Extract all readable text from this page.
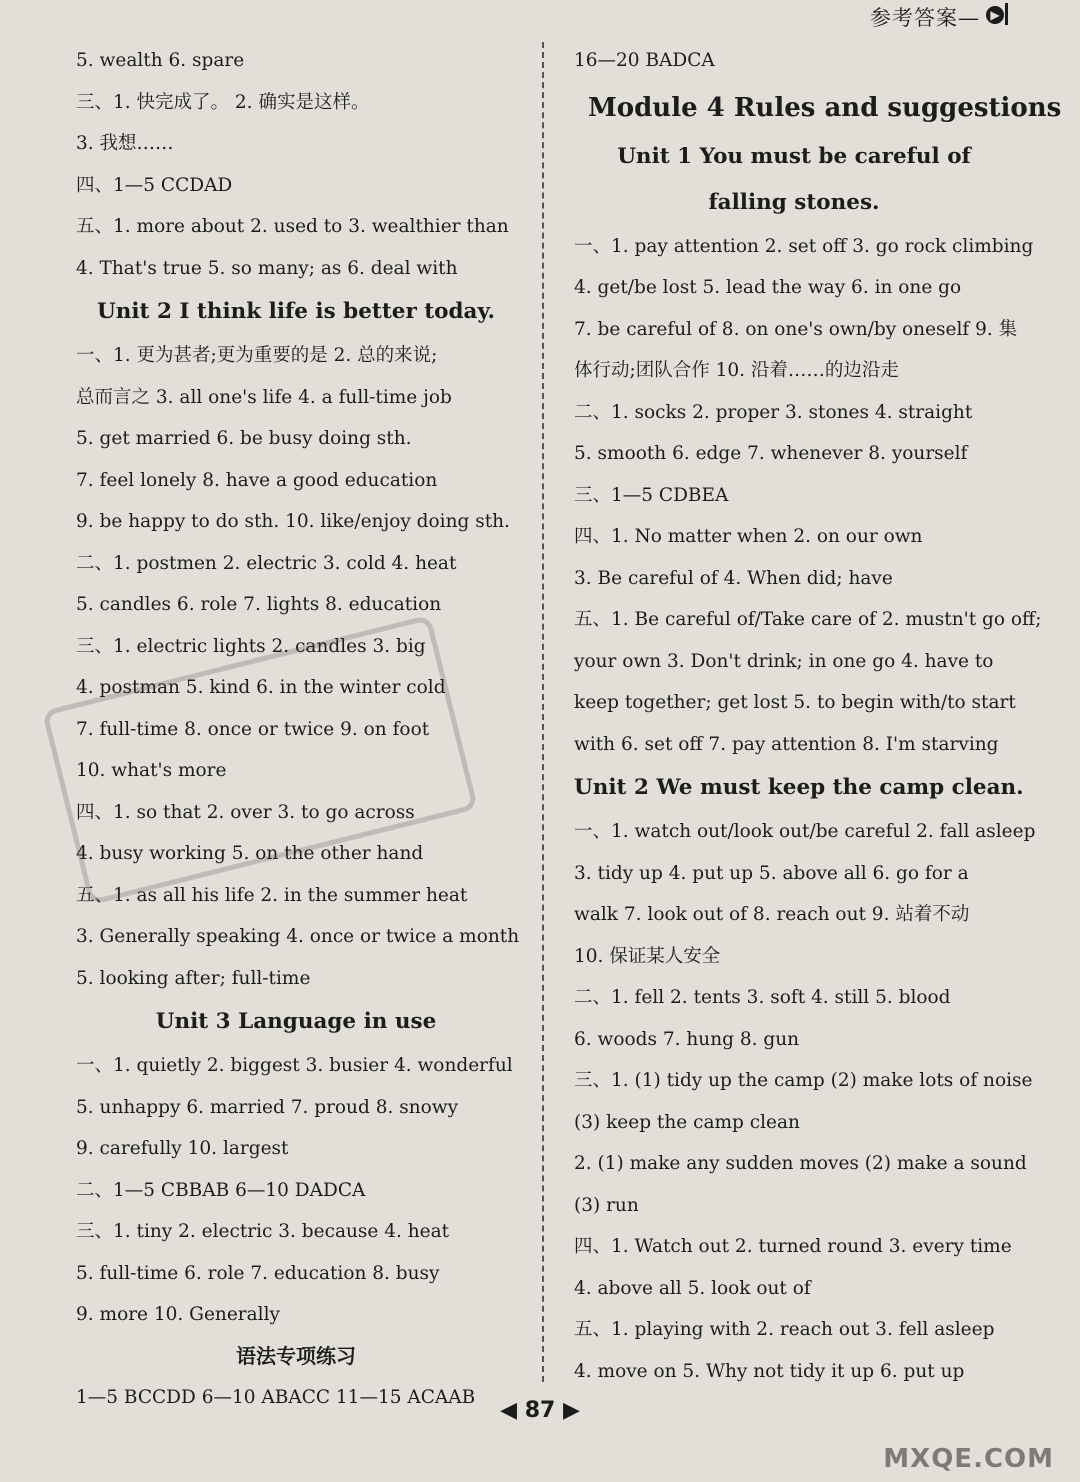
参考答案— ▶
5. wealth 6. spare
三、1. 快完成了。 2. 确实是这样。
3. 我想……
四、1—5 CCDAD
五、1. more about 2. used to 3. wealthier than
4. That's true 5. so many; as 6. deal with
Unit 2 I think life is better today.
一、1. 更为甚者;更为重要的是 2. 总的来说;
总而言之 3. all one's life 4. a full-time job
5. get married 6. be busy doing sth.
7. feel lonely 8. have a good education
9. be happy to do sth. 10. like/enjoy doing sth.
二、1. postmen 2. electric 3. cold 4. heat
5. candles 6. role 7. lights 8. education
三、1. electric lights 2. candles 3. big
4. postman 5. kind 6. in the winter cold
7. full-time 8. once or twice 9. on foot
10. what's more
四、1. so that 2. over 3. to go across
4. busy working 5. on the other hand
五、1. as all his life 2. in the summer heat
3. Generally speaking 4. once or twice a month
5. looking after; full-time
Unit 3 Language in use
一、1. quietly 2. biggest 3. busier 4. wonderful
5. unhappy 6. married 7. proud 8. snowy
9. carefully 10. largest
二、1—5 CBBAB 6—10 DADCA
三、1. tiny 2. electric 3. because 4. heat
5. full-time 6. role 7. education 8. busy
9. more 10. Generally
语法专项练习
1—5 BCCDD 6—10 ABACC 11—15 ACAAB
16—20 BADCA
Module 4 Rules and suggestions
Unit 1 You must be careful of
falling stones.
一、1. pay attention 2. set off 3. go rock climbing
4. get/be lost 5. lead the way 6. in one go
7. be careful of 8. on one's own/by oneself 9. 集
体行动;团队合作 10. 沿着……的边沿走
二、1. socks 2. proper 3. stones 4. straight
5. smooth 6. edge 7. whenever 8. yourself
三、1—5 CDBEA
四、1. No matter when 2. on our own
3. Be careful of 4. When did; have
五、1. Be careful of/Take care of 2. mustn't go off;
your own 3. Don't drink; in one go 4. have to
keep together; get lost 5. to begin with/to start
with 6. set off 7. pay attention 8. I'm starving
Unit 2 We must keep the camp clean.
一、1. watch out/look out/be careful 2. fall asleep
3. tidy up 4. put up 5. above all 6. go for a
walk 7. look out of 8. reach out 9. 站着不动
10. 保证某人安全
二、1. fell 2. tents 3. soft 4. still 5. blood
6. woods 7. hung 8. gun
三、1. (1) tidy up the camp (2) make lots of noise
(3) keep the camp clean
2. (1) make any sudden moves (2) make a sound
(3) run
四、1. Watch out 2. turned round 3. every time
4. above all 5. look out of
五、1. playing with 2. reach out 3. fell asleep
4. move on 5. Why not tidy it up 6. put up
◀ 87 ▶
MXQE.COM
